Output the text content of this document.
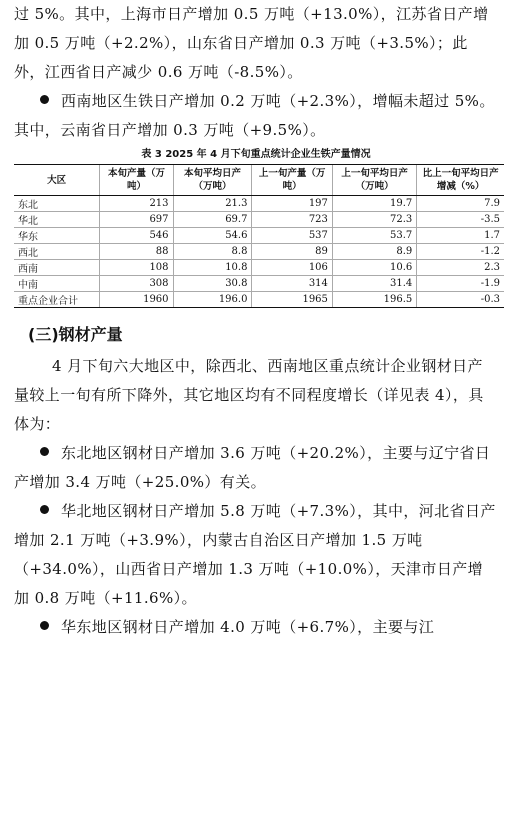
过 5%。其中，上海市日产增加 0.5 万吨（+13.0%），江苏省日产增加 0.5 万吨（+2.2%），山东省日产增加 0.3 万吨（+3.5%）；此外，江西省日产减少 0.6 万吨（-8.5%）。

西南地区生铁日产增加 0.2 万吨（+2.3%），增幅未超过 5%。其中，云南省日产增加 0.3 万吨（+9.5%）。

表 3 2025 年 4 月下旬重点统计企业生铁产量情况
大区	本旬产量（万吨）	本旬平均日产（万吨）	上一旬产量（万吨）	上一旬平均日产（万吨）	比上一旬平均日产增减（%）
东北	213	21.3	197	19.7	7.9
华北	697	69.7	723	72.3	-3.5
华东	546	54.6	537	53.7	1.7
西北	88	8.8	89	8.9	-1.2
西南	108	10.8	106	10.6	2.3
中南	308	30.8	314	31.4	-1.9
重点企业合计	1960	196.0	1965	196.5	-0.3
(三)钢材产量

4 月下旬六大地区中，除西北、西南地区重点统计企业钢材日产量较上一旬有所下降外，其它地区均有不同程度增长（详见表 4），具体为：

东北地区钢材日产增加 3.6 万吨（+20.2%），主要与辽宁省日产增加 3.4 万吨（+25.0%）有关。

华北地区钢材日产增加 5.8 万吨（+7.3%），其中，河北省日产增加 2.1 万吨（+3.9%），内蒙古自治区日产增加 1.5 万吨（+34.0%），山西省日产增加 1.3 万吨（+10.0%），天津市日产增加 0.8 万吨（+11.6%）。

华东地区钢材日产增加 4.0 万吨（+6.7%），主要与江
